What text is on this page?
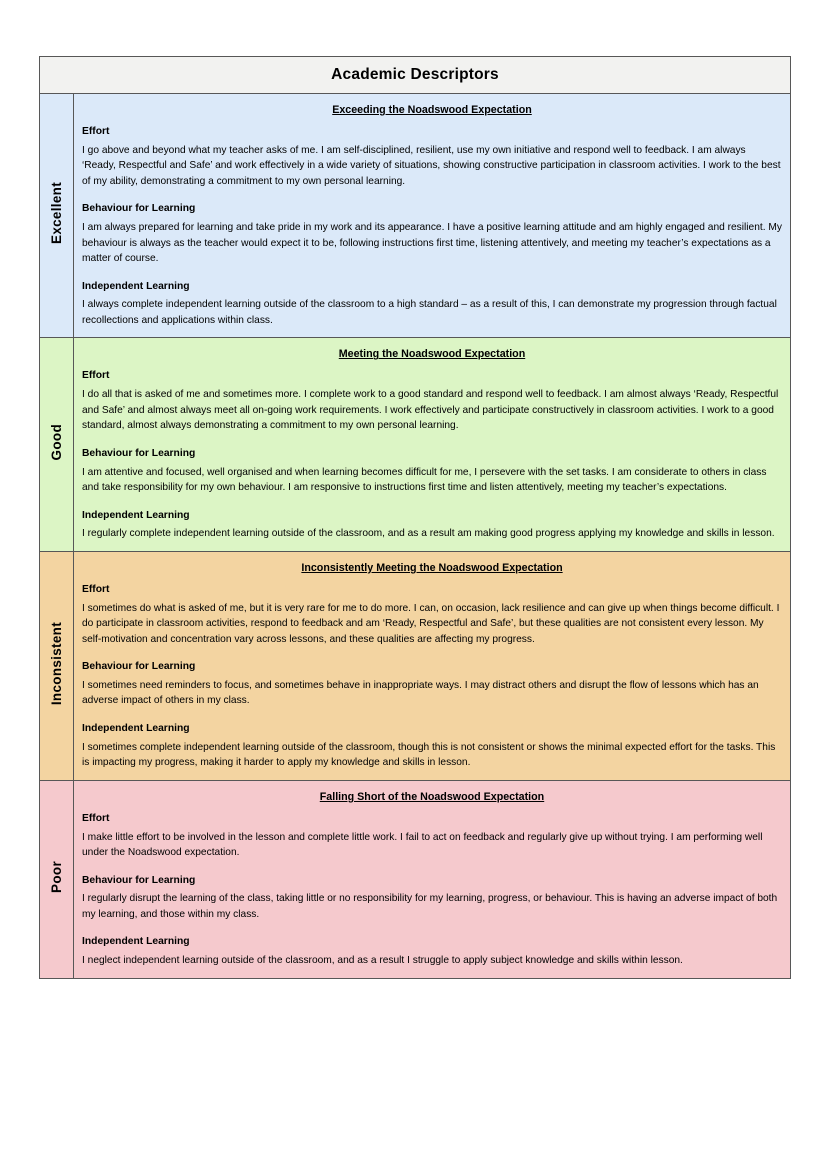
Academic Descriptors	
Excellent	
Exceeding the Noadswood Expectation
Effort

I go above and beyond what my teacher asks of me. I am self-disciplined, resilient, use my own initiative and respond well to feedback. I am always ‘Ready, Respectful and Safe’ and work effectively in a wide variety of situations, showing constructive participation in classroom activities. I work to the best of my ability, demonstrating a commitment to my own personal learning.

Behaviour for Learning

I am always prepared for learning and take pride in my work and its appearance. I have a positive learning attitude and am highly engaged and resilient. My behaviour is always as the teacher would expect it to be, following instructions first time, listening attentively, and meeting my teacher’s expectations as a matter of course.

Independent Learning

I always complete independent learning outside of the classroom to a high standard – as a result of this, I can demonstrate my progression through factual recollections and applications within class.

Good	
Meeting the Noadswood Expectation
Effort

I do all that is asked of me and sometimes more. I complete work to a good standard and respond well to feedback. I am almost always ‘Ready, Respectful and Safe’ and almost always meet all on-going work requirements. I work effectively and participate constructively in classroom activities. I work to a good standard, almost always demonstrating a commitment to my own personal learning.

Behaviour for Learning

I am attentive and focused, well organised and when learning becomes difficult for me, I persevere with the set tasks. I am considerate to others in class and take responsibility for my own behaviour. I am responsive to instructions first time and listen attentively, meeting my teacher’s expectations.

Independent Learning

I regularly complete independent learning outside of the classroom, and as a result am making good progress applying my knowledge and skills in lesson.

Inconsistent	
Inconsistently Meeting the Noadswood Expectation
Effort

I sometimes do what is asked of me, but it is very rare for me to do more. I can, on occasion, lack resilience and can give up when things become difficult. I do participate in classroom activities, respond to feedback and am ‘Ready, Respectful and Safe’, but these qualities are not consistent every lesson. My self-motivation and concentration vary across lessons, and these qualities are affecting my progress.

Behaviour for Learning

I sometimes need reminders to focus, and sometimes behave in inappropriate ways. I may distract others and disrupt the flow of lessons which has an adverse impact of others in my class.

Independent Learning

I sometimes complete independent learning outside of the classroom, though this is not consistent or shows the minimal expected effort for the tasks. This is impacting my progress, making it harder to apply my knowledge and skills in lesson.

Poor	
Falling Short of the Noadswood Expectation
Effort

I make little effort to be involved in the lesson and complete little work. I fail to act on feedback and regularly give up without trying. I am performing well under the Noadswood expectation.

Behaviour for Learning

I regularly disrupt the learning of the class, taking little or no responsibility for my learning, progress, or behaviour. This is having an adverse impact of both my learning, and those within my class.

Independent Learning

I neglect independent learning outside of the classroom, and as a result I struggle to apply subject knowledge and skills within lesson.
